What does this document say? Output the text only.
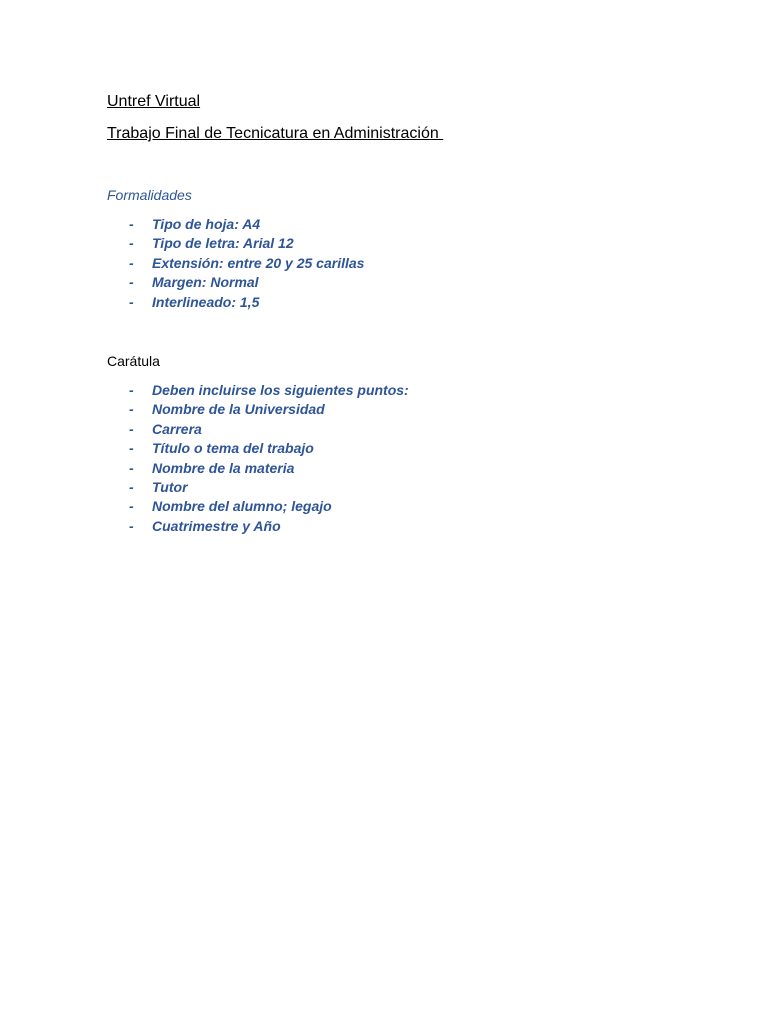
Untref Virtual
Trabajo Final de Tecnicatura en Administración
Formalidades
- Tipo de hoja: A4
- Tipo de letra: Arial 12
- Extensión: entre 20 y 25 carillas
- Margen: Normal
- Interlineado: 1,5
Carátula
- Deben incluirse los siguientes puntos:
- Nombre de la Universidad
- Carrera
- Título o tema del trabajo
- Nombre de la materia
- Tutor
- Nombre del alumno; legajo
- Cuatrimestre y Año
